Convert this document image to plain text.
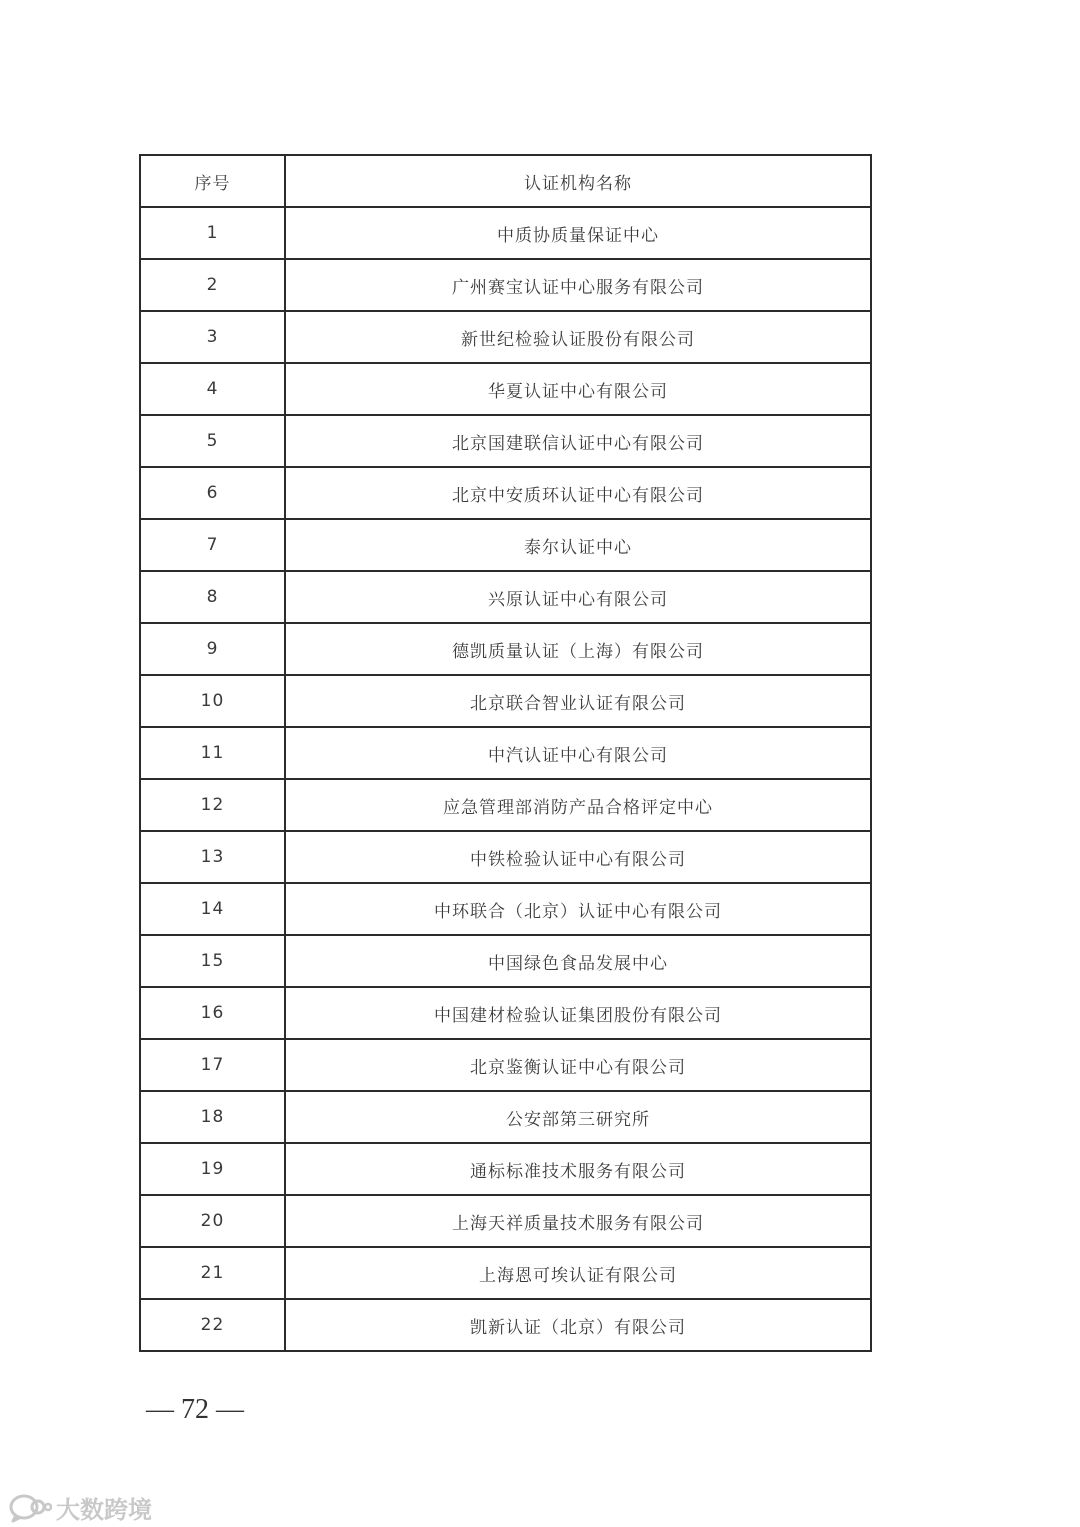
序号	认证机构名称
1	中质协质量保证中心
2	广州赛宝认证中心服务有限公司
3	新世纪检验认证股份有限公司
4	华夏认证中心有限公司
5	北京国建联信认证中心有限公司
6	北京中安质环认证中心有限公司
7	泰尔认证中心
8	兴原认证中心有限公司
9	德凯质量认证（上海）有限公司
10	北京联合智业认证有限公司
11	中汽认证中心有限公司
12	应急管理部消防产品合格评定中心
13	中铁检验认证中心有限公司
14	中环联合（北京）认证中心有限公司
15	中国绿色食品发展中心
16	中国建材检验认证集团股份有限公司
17	北京鉴衡认证中心有限公司
18	公安部第三研究所
19	通标标准技术服务有限公司
20	上海天祥质量技术服务有限公司
21	上海恩可埃认证有限公司
22	凯新认证（北京）有限公司
— 72 —
大数跨境
